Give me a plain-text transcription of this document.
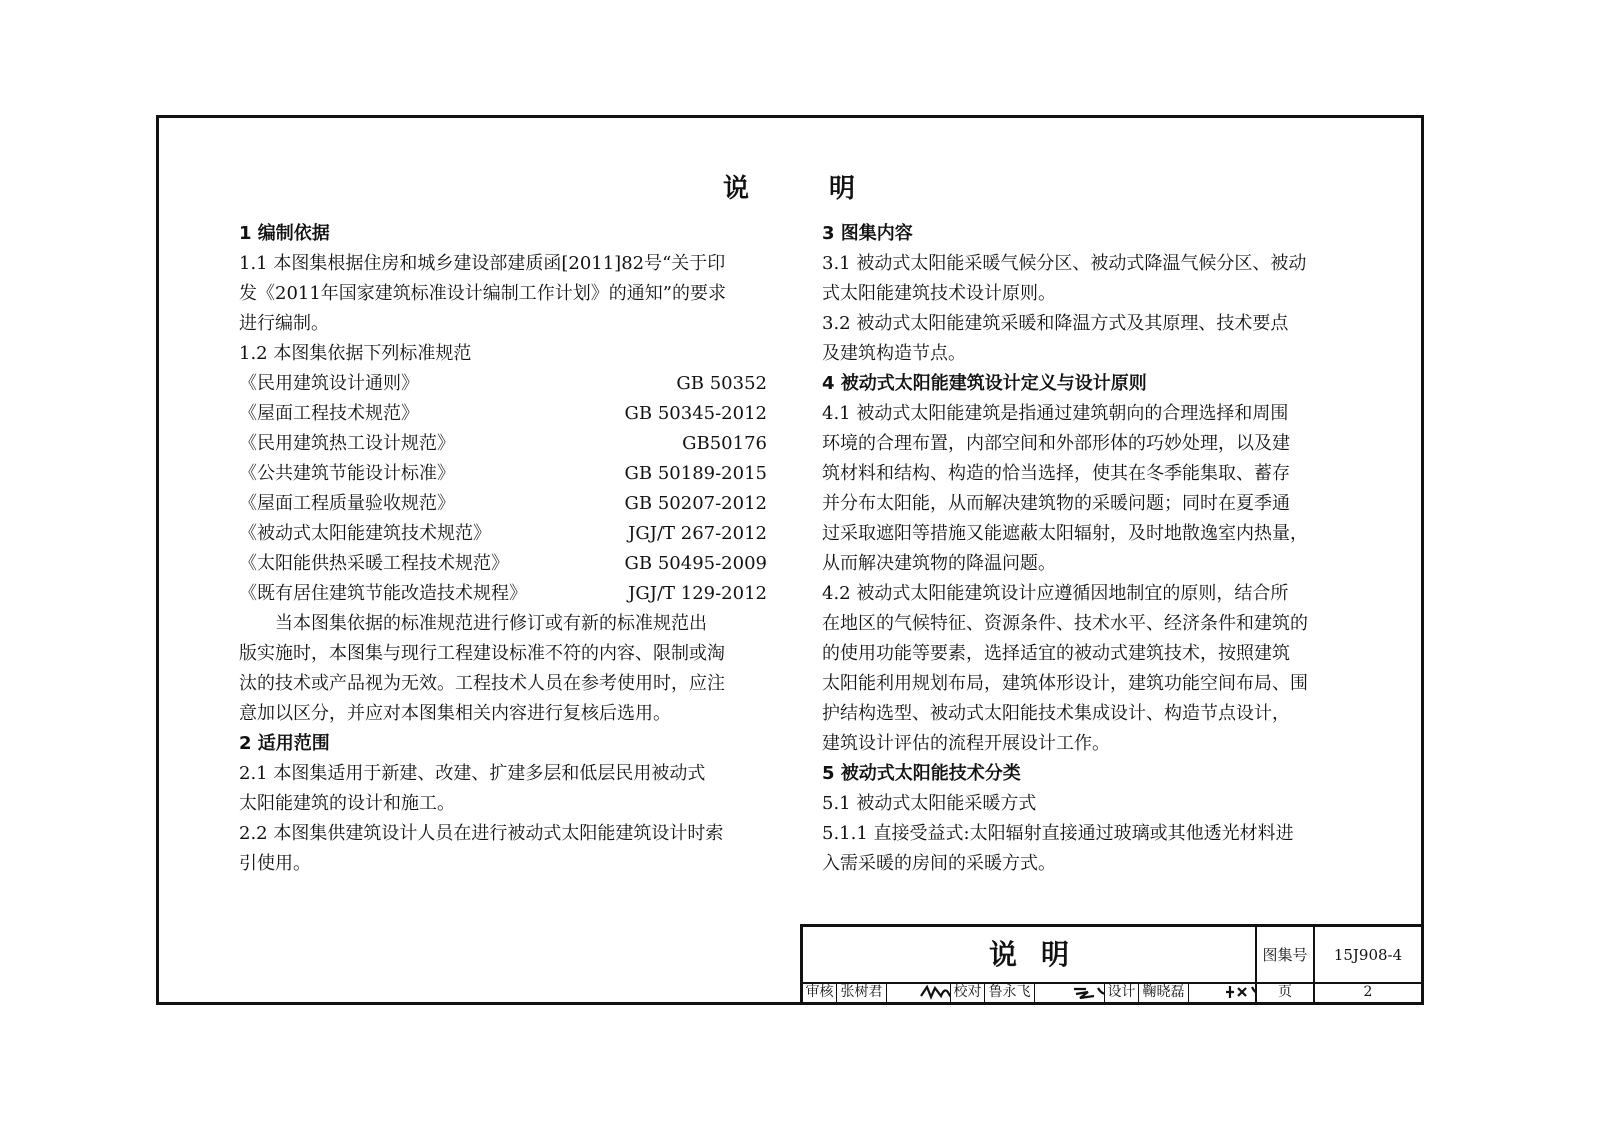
说	明
1 编制依据
1.1 本图集根据住房和城乡建设部建质函[2011]82号“关于印
发《2011年国家建筑标准设计编制工作计划》的通知”的要求
进行编制。
1.2 本图集依据下列标准规范
《民用建筑设计通则》	GB 50352
《屋面工程技术规范》	GB 50345-2012
《民用建筑热工设计规范》	GB50176
《公共建筑节能设计标准》	GB 50189-2015
《屋面工程质量验收规范》	GB 50207-2012
《被动式太阳能建筑技术规范》	JGJ/T 267-2012
《太阳能供热采暖工程技术规范》	GB 50495-2009
《既有居住建筑节能改造技术规程》	JGJ/T 129-2012
当本图集依据的标准规范进行修订或有新的标准规范出
版实施时，本图集与现行工程建设标准不符的内容、限制或淘
汰的技术或产品视为无效。工程技术人员在参考使用时，应注
意加以区分，并应对本图集相关内容进行复核后选用。
2 适用范围
2.1 本图集适用于新建、改建、扩建多层和低层民用被动式
太阳能建筑的设计和施工。
2.2 本图集供建筑设计人员在进行被动式太阳能建筑设计时索
引使用。
3 图集内容
3.1 被动式太阳能采暖气候分区、被动式降温气候分区、被动
式太阳能建筑技术设计原则。
3.2 被动式太阳能建筑采暖和降温方式及其原理、技术要点
及建筑构造节点。
4 被动式太阳能建筑设计定义与设计原则
4.1 被动式太阳能建筑是指通过建筑朝向的合理选择和周围
环境的合理布置，内部空间和外部形体的巧妙处理，以及建
筑材料和结构、构造的恰当选择，使其在冬季能集取、蓄存
并分布太阳能，从而解决建筑物的采暖问题；同时在夏季通
过采取遮阳等措施又能遮蔽太阳辐射，及时地散逸室内热量，
从而解决建筑物的降温问题。
4.2 被动式太阳能建筑设计应遵循因地制宜的原则，结合所
在地区的气候特征、资源条件、技术水平、经济条件和建筑的
的使用功能等要素，选择适宜的被动式建筑技术，按照建筑
太阳能利用规划布局，建筑体形设计，建筑功能空间布局、围
护结构选型、被动式太阳能技术集成设计、构造节点设计，
建筑设计评估的流程开展设计工作。
5 被动式太阳能技术分类
5.1 被动式太阳能采暖方式
5.1.1 直接受益式:太阳辐射直接通过玻璃或其他透光材料进
入需采暖的房间的采暖方式。
说 明	图集号	15J908-4
审核 张树君	校对 鲁永飞	设计 鞠晓磊	页	2
